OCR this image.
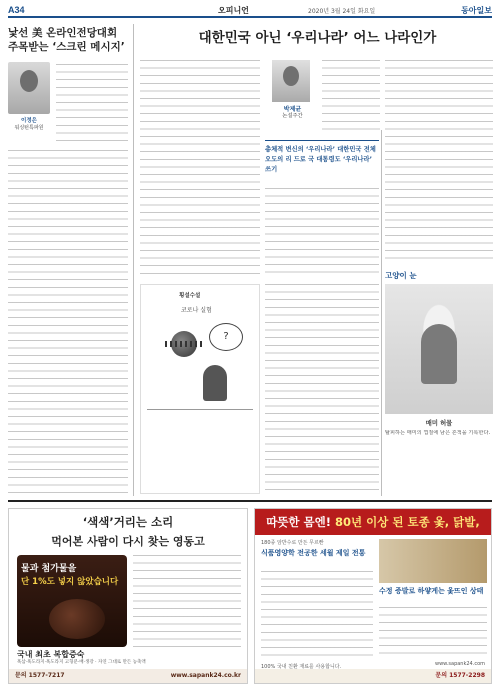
A34	오피니언	2020년 3월 24일 화요일	동아일보
낯선 美 온라인전당대회 주목받는 ‘스크린 메시지’
이정은
워싱턴특파원
대한민국 아닌 ‘우리나라’ 어느 나라인가
박제균
논설주간
총체적 변신의 ‘우리나라’ 대한민국 전체 오도의 리 드로 국 대통령도 ‘우리나라’ 쓰기
횡설수설
코로나 실험
?
고양이 눈
매미 허물
탈피하는 매미의 껍질에 남은 흔적을 기록한다.
‘색색’거리는 소리
먹어본 사람이 다시 찾는 영동고
물과 첨가물을
단 1%도 넣지 않았습니다
국내 최초 복합증숙
흑삼·흑도라지·흑도라지 고형분·배·생강 · 자연 그대로 만든 농축액
문의 1577-7217	www.sapank24.co.kr
따뜻한 몸엔! 80년 이상 된 토종 옻, 닭발,
180종 암반수로 만든 무르빤
식품영양학 전공한 세월 제일 전통
수정 증발로 하얗게는 옻뜨인 상태
www.sapank24.com
문의 1577-2298
100% 국내 친환 재료를 사용합니다.
